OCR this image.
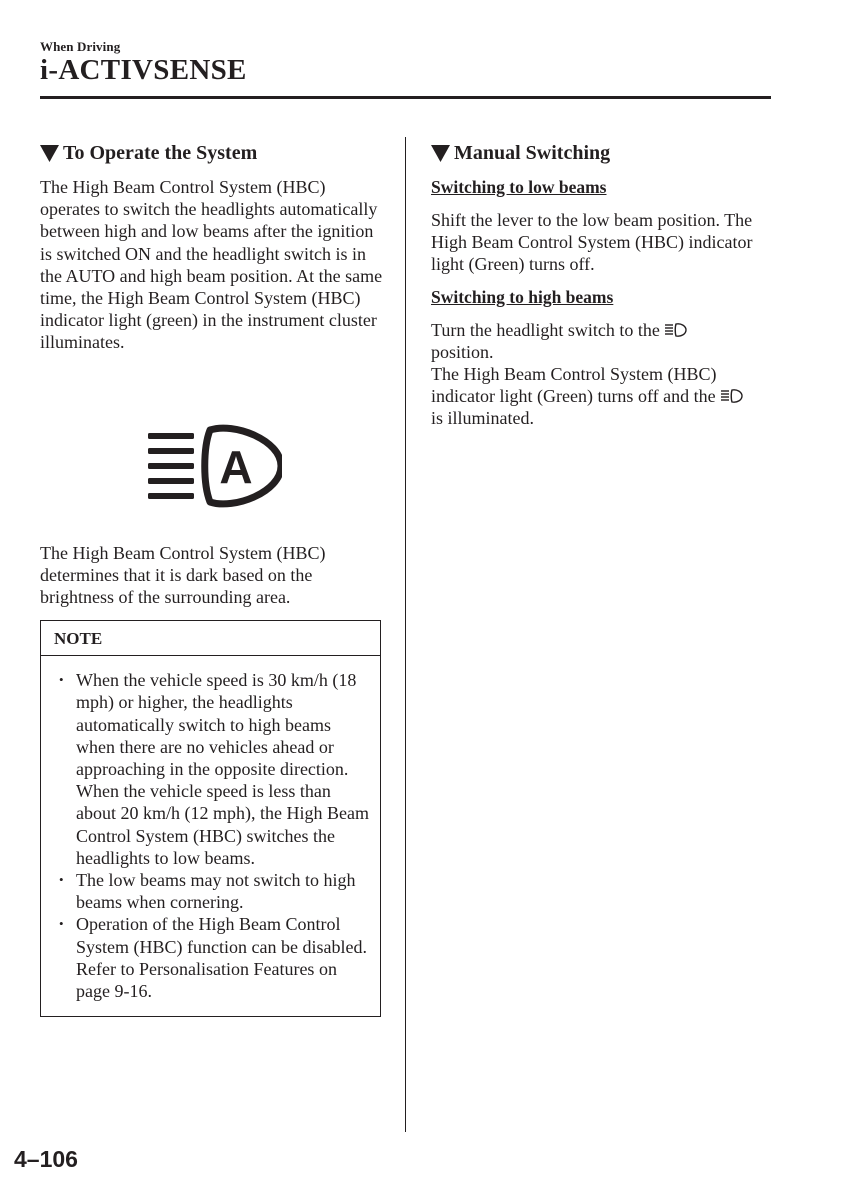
When Driving
i-ACTIVSENSE
To Operate the System

The High Beam Control System (HBC) operates to switch the headlights automatically between high and low beams after the ignition is switched ON and the headlight switch is in the AUTO and high beam position. At the same time, the High Beam Control System (HBC) indicator light (green) in the instrument cluster illuminates.

A

The High Beam Control System (HBC) determines that it is dark based on the brightness of the surrounding area.

NOTE
• When the vehicle speed is 30 km/h (18 mph) or higher, the headlights automatically switch to high beams when there are no vehicles ahead or approaching in the opposite direction.
When the vehicle speed is less than about 20 km/h (12 mph), the High Beam Control System (HBC) switches the headlights to low beams.
• The low beams may not switch to high beams when cornering.
• Operation of the High Beam Control System (HBC) function can be disabled. Refer to Personalisation Features on page 9-16.
Manual Switching
Switching to low beams

Shift the lever to the low beam position. The High Beam Control System (HBC) indicator light (Green) turns off.

Switching to high beams

Turn the headlight switch to the
position.
The High Beam Control System (HBC) indicator light (Green) turns off and the
is illuminated.

4–106
